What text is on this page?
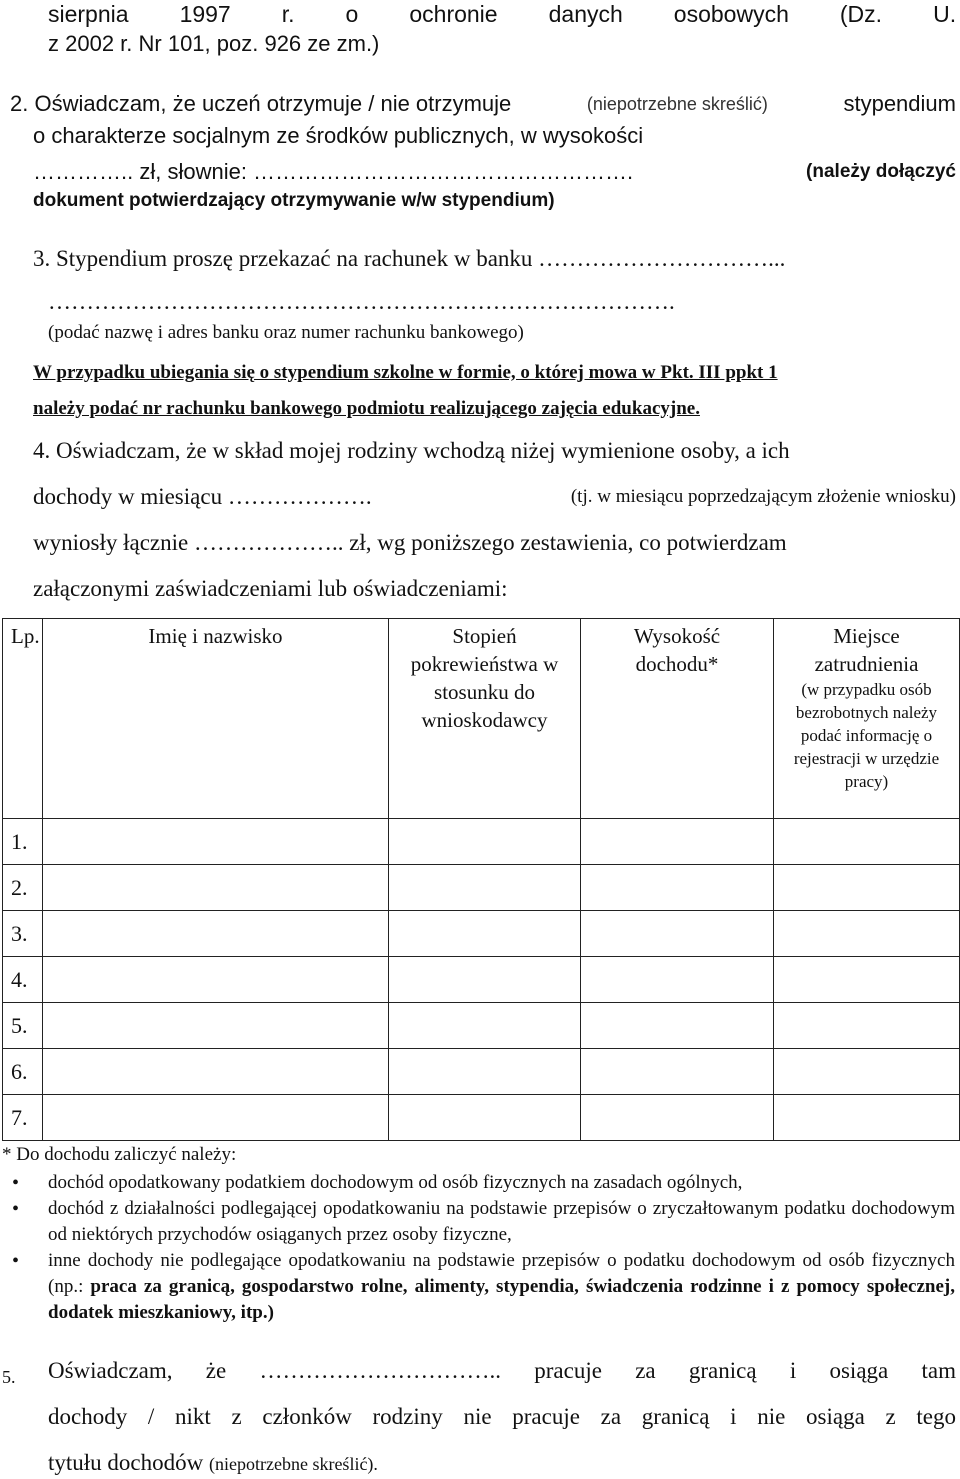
sierpnia 1997 r. o ochronie danych osobowych (Dz. U.
z 2002 r. Nr 101, poz. 926 ze zm.)
2. Oświadczam, że uczeń otrzymuje / nie otrzymuje	(niepotrzebne skreślić)	stypendium
o charakterze socjalnym ze środków publicznych, w wysokości
………….. zł, słownie: …………………………………………….	(należy dołączyć
dokument potwierdzający otrzymywanie w/w stypendium)
3. Stypendium proszę przekazać na rachunek w banku …………………………...
……………………………………………………………………….
(podać nazwę i adres banku oraz numer rachunku bankowego)
W przypadku ubiegania się o stypendium szkolne w formie, o której mowa w Pkt. III ppkt 1
należy podać nr rachunku bankowego podmiotu realizującego zajęcia edukacyjne.
4. Oświadczam, że w skład mojej rodziny wchodzą niżej wymienione osoby, a ich
dochody w miesiącu ……………….	(tj. w miesiącu poprzedzającym złożenie wniosku)
wyniosły łącznie ……………….. zł, wg poniższego zestawienia, co potwierdzam
załączonymi zaświadczeniami lub oświadczeniami:
Lp.	Imię i nazwisko	Stopień pokrewieństwa w stosunku do wnioskodawcy	Wysokość dochodu*	Miejsce zatrudnienia
(w przypadku osób bezrobotnych należy podać informację o rejestracji w urzędzie pracy)

1.				
2.				
3.				
4.				
5.				
6.				
7.				
* Do dochodu zaliczyć należy:
• dochód opodatkowany podatkiem dochodowym od osób fizycznych na zasadach ogólnych,
• dochód z działalności podlegającej opodatkowaniu na podstawie przepisów o zryczałtowanym podatku dochodowym od niektórych przychodów osiąganych przez osoby fizyczne,
• inne dochody nie podlegające opodatkowaniu na podstawie przepisów o podatku dochodowym od osób fizycznych (np.: praca za granicą, gospodarstwo rolne, alimenty, stypendia, świadczenia rodzinne i z pomocy społecznej, dodatek mieszkaniowy, itp.)
5. Oświadczam, że ………………………….. pracuje za granicą i osiąga tam
dochody / nikt z członków rodziny nie pracuje za granicą i nie osiąga z tego
tytułu dochodów (niepotrzebne skreślić).
